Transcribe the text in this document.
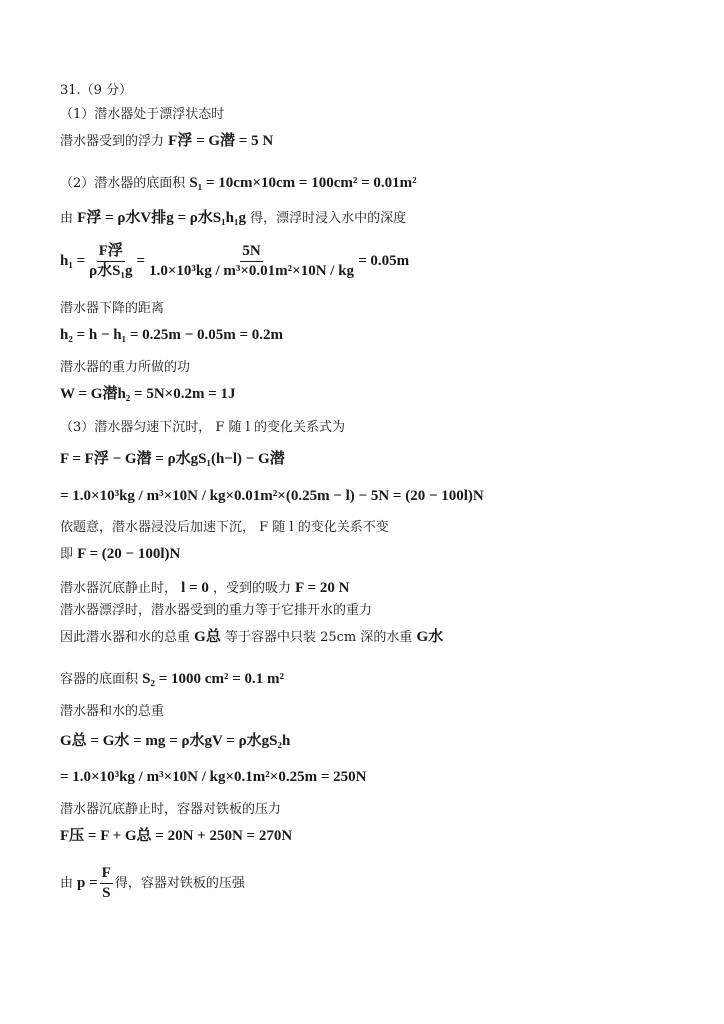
31.（9 分）
（1）潜水器处于漂浮状态时
潜水器受到的浮力 F浮 = G潜 = 5 N
（2）潜水器的底面积 S₁ = 10cm×10cm = 100cm² = 0.01m²
由 F浮 = ρ水V排g = ρ水S₁h₁g 得，漂浮时浸入水中的深度
$h_1 = \frac{\text{F浮}}{\text{ρ水S₁g}} = \frac{5N}{\text{1.0×10³kg / m³×0.01m²×10N / kg}} = 0.05m$
潜水器下降的距离
h₂ = h − h₁ = 0.25m − 0.05m = 0.2m
潜水器的重力所做的功
W = G潜h₂ = 5N×0.2m = 1J
（3）潜水器匀速下沉时， F 随 l 的变化关系式为
F = F浮 − G潜 = ρ水gS₁(h−l) − G潜
= 1.0×10³kg / m³×10N / kg×0.01m²×(0.25m − l) − 5N = (20 − 100l)N
依题意，潜水器浸没后加速下沉， F 随 l 的变化关系不变
即 F = (20 − 100l)N
潜水器沉底静止时， l = 0 ，受到的吸力 F = 20 N
潜水器漂浮时，潜水器受到的重力等于它排开水的重力
因此潜水器和水的总重 G总 等于容器中只装 25cm 深的水重 G水
容器的底面积 S₂ = 1000 cm² = 0.1 m²
潜水器和水的总重
G总 = G水 = mg = ρ水gV = ρ水gS₂h
= 1.0×10³kg / m³×10N / kg×0.1m²×0.25m = 250N
潜水器沉底静止时，容器对铁板的压力
F压 = F + G总 = 20N + 250N = 270N
由 $p = \frac{F}{S}$ 得，容器对铁板的压强
